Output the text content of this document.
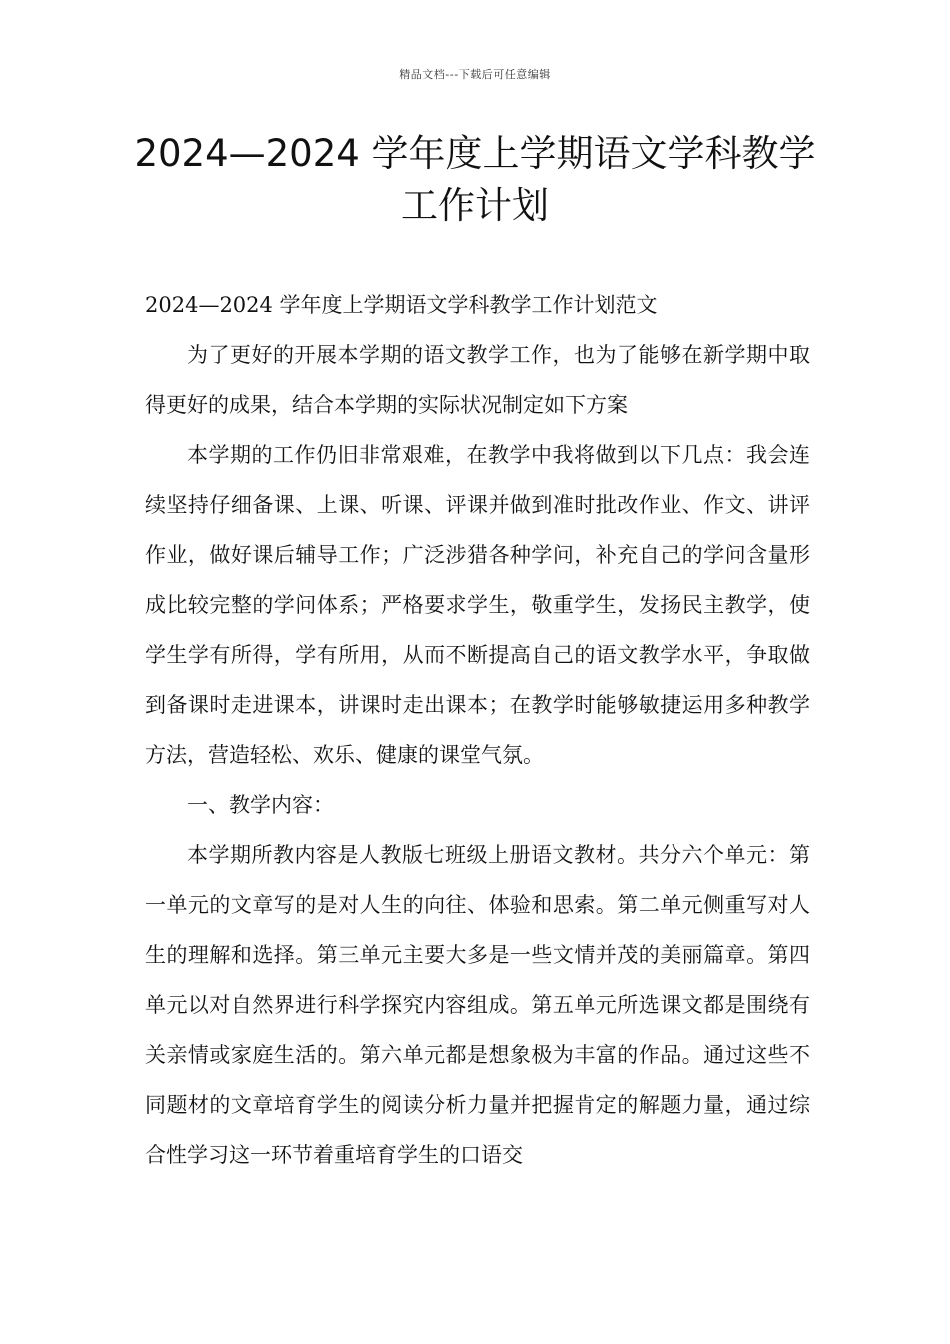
精品文档---下载后可任意编辑
2024—2024 学年度上学期语文学科教学工作计划

2024—2024 学年度上学期语文学科教学工作计划范文

为了更好的开展本学期的语文教学工作，也为了能够在新学期中取得更好的成果，结合本学期的实际状况制定如下方案

本学期的工作仍旧非常艰难，在教学中我将做到以下几点：我会连续坚持仔细备课、上课、听课、评课并做到准时批改作业、作文、讲评作业，做好课后辅导工作；广泛涉猎各种学问，补充自己的学问含量形成比较完整的学问体系；严格要求学生，敬重学生，发扬民主教学，使学生学有所得，学有所用，从而不断提高自己的语文教学水平，争取做到备课时走进课本，讲课时走出课本；在教学时能够敏捷运用多种教学方法，营造轻松、欢乐、健康的课堂气氛。

一、教学内容：

本学期所教内容是人教版七班级上册语文教材。共分六个单元：第一单元的文章写的是对人生的向往、体验和思索。第二单元侧重写对人生的理解和选择。第三单元主要大多是一些文情并茂的美丽篇章。第四单元以对自然界进行科学探究内容组成。第五单元所选课文都是围绕有关亲情或家庭生活的。第六单元都是想象极为丰富的作品。通过这些不同题材的文章培育学生的阅读分析力量并把握肯定的解题力量，通过综合性学习这一环节着重培育学生的口语交
